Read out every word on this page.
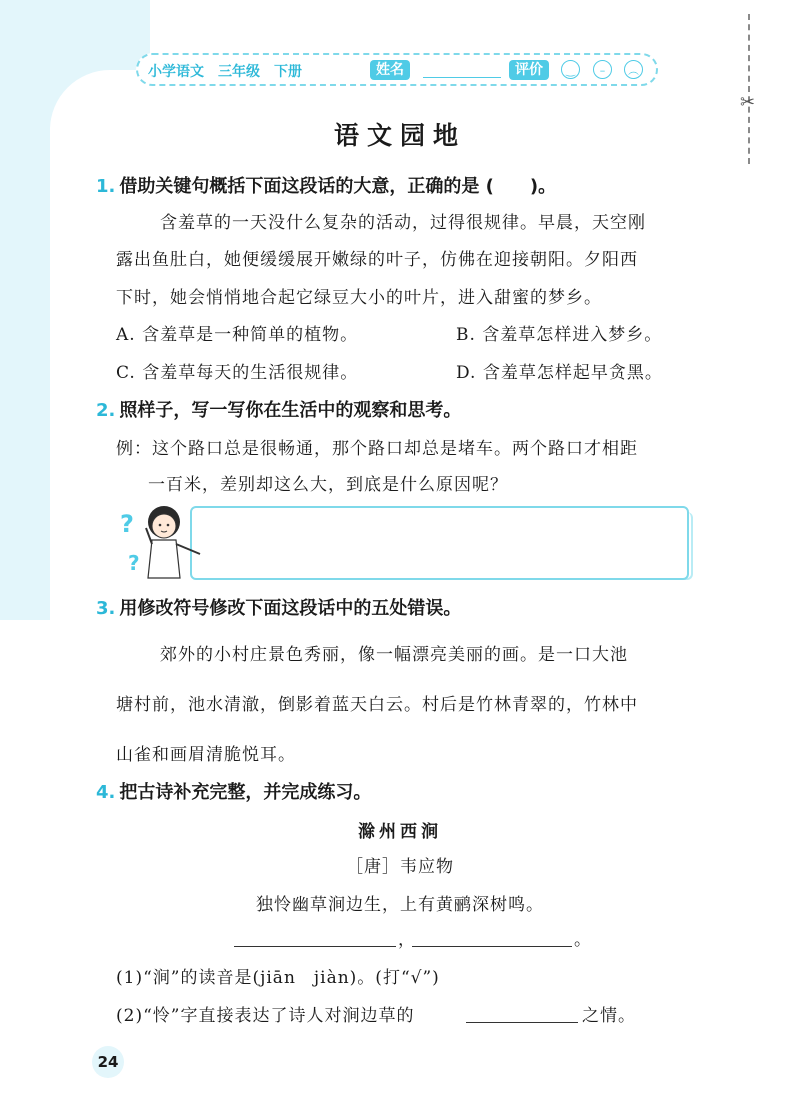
✂
小学语文　三年级　下册	姓名	评价	‿	–	︵
语文园地
1. 借助关键句概括下面这段话的大意，正确的是 (　　)。
含羞草的一天没什么复杂的活动，过得很规律。早晨，天空刚
露出鱼肚白，她便缓缓展开嫩绿的叶子，仿佛在迎接朝阳。夕阳西
下时，她会悄悄地合起它绿豆大小的叶片，进入甜蜜的梦乡。
A. 含羞草是一种简单的植物。	B. 含羞草怎样进入梦乡。
C. 含羞草每天的生活很规律。	D. 含羞草怎样起早贪黑。
2. 照样子，写一写你在生活中的观察和思考。
例：这个路口总是很畅通，那个路口却总是堵车。两个路口才相距
一百米，差别却这么大，到底是什么原因呢？
?
?
3. 用修改符号修改下面这段话中的五处错误。
郊外的小村庄景色秀丽，像一幅漂亮美丽的画。是一口大池
塘村前，池水清澈，倒影着蓝天白云。村后是竹林青翠的，竹林中
山雀和画眉清脆悦耳。
4. 把古诗补充完整，并完成练习。
滁州西涧
［唐］韦应物
独怜幽草涧边生，上有黄鹂深树鸣。
，	。
(1)“涧”的读音是(jiān　jiàn)。(打“√”)
(2)“怜”字直接表达了诗人对涧边草的	之情。
24
